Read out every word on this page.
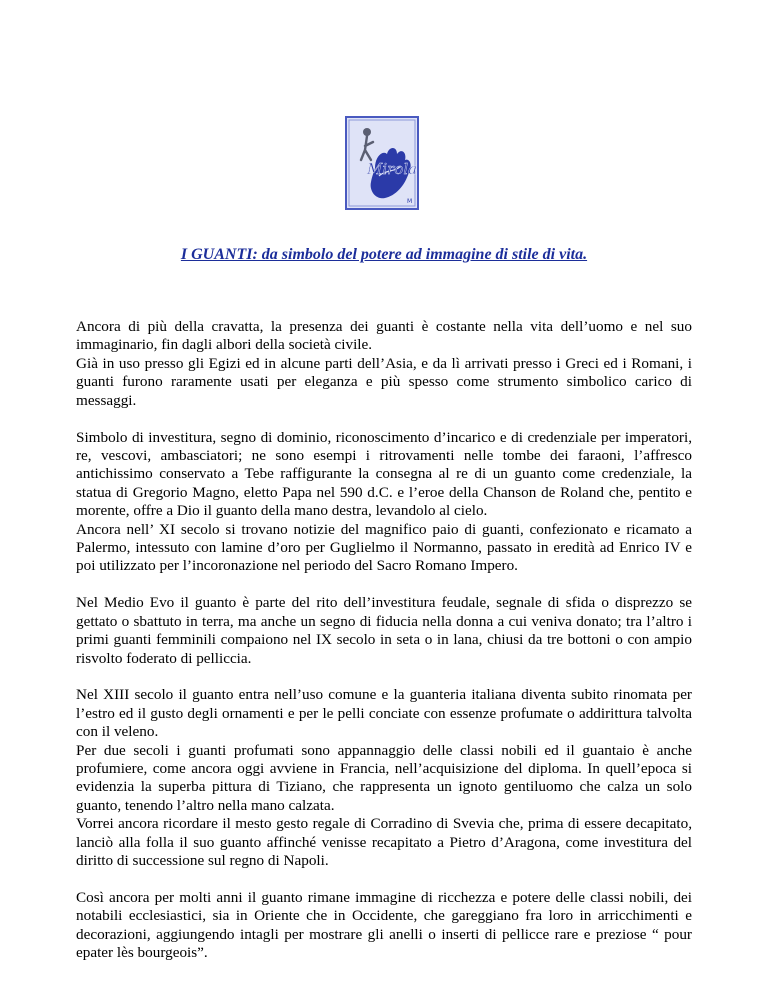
Mirola
M
I GUANTI: da simbolo del potere ad immagine di stile di vita.

Ancora di più della cravatta, la presenza dei guanti è costante nella vita dell’uomo e nel suo
immaginario, fin dagli albori della società civile.
Già in uso presso gli Egizi ed in alcune parti dell’Asia, e da lì arrivati presso i Greci ed i Romani, i
guanti furono raramente usati per eleganza e più spesso come strumento simbolico carico di
messaggi.

Simbolo di investitura, segno di dominio, riconoscimento d’incarico e di credenziale per imperatori,
re, vescovi, ambasciatori; ne sono esempi i ritrovamenti nelle tombe dei faraoni, l’affresco
antichissimo conservato a Tebe raffigurante la consegna al re di un guanto come credenziale, la
statua di Gregorio Magno, eletto Papa nel 590 d.C. e l’eroe della Chanson de Roland che, pentito e
morente, offre a Dio il guanto della mano destra, levandolo al cielo.
Ancora nell’ XI secolo si trovano notizie del magnifico paio di guanti, confezionato e ricamato a
Palermo, intessuto con lamine d’oro per Guglielmo il Normanno, passato in eredità ad Enrico IV e
poi utilizzato per l’incoronazione nel periodo del Sacro Romano Impero.

Nel Medio Evo il guanto è parte del rito dell’investitura feudale, segnale di sfida o disprezzo se
gettato o sbattuto in terra, ma anche un segno di fiducia nella donna a cui veniva donato; tra l’altro i
primi guanti femminili compaiono nel IX secolo in seta o in lana, chiusi da tre bottoni o con ampio
risvolto foderato di pelliccia.

Nel XIII secolo il guanto entra nell’uso comune e la guanteria italiana diventa subito rinomata per
l’estro ed il gusto degli ornamenti e per le pelli conciate con essenze profumate o addirittura talvolta
con il veleno.
Per due secoli i guanti profumati sono appannaggio delle classi nobili ed il guantaio è anche
profumiere, come ancora oggi avviene in Francia, nell’acquisizione del diploma. In quell’epoca si
evidenzia la superba pittura di Tiziano, che rappresenta un ignoto gentiluomo che calza un solo
guanto, tenendo l’altro nella mano calzata.
Vorrei ancora ricordare il mesto gesto regale di Corradino di Svevia che, prima di essere decapitato,
lanciò alla folla il suo guanto affinché venisse recapitato a Pietro d’Aragona, come investitura del
diritto di successione sul regno di Napoli.

Così ancora per molti anni il guanto rimane immagine di ricchezza e potere delle classi nobili, dei
notabili ecclesiastici, sia in Oriente che in Occidente, che gareggiano fra loro in arricchimenti e
decorazioni, aggiungendo intagli per mostrare gli anelli o inserti di pellicce rare e preziose “ pour
epater lès bourgeois”.
